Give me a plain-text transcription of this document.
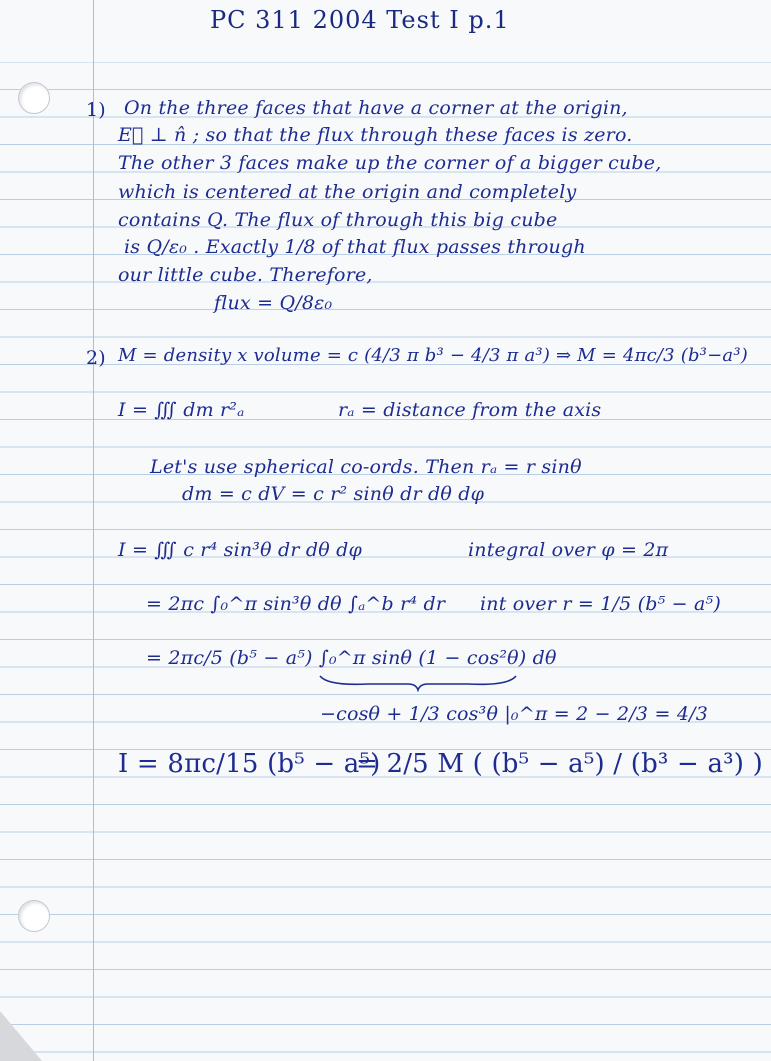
PC 311 2004 Test I p.1
1) On the three faces that have a corner at the origin,
E⃗ ⊥ n̂ ; so that the flux through these faces is zero.
The other 3 faces make up the corner of a bigger cube,
which is centered at the origin and completely
contains Q. The flux of through this big cube
is Q/ε₀ . Exactly 1/8 of that flux passes through
our little cube. Therefore,
flux = Q/8ε₀
2) M = density x volume = c (4/3 π b³ − 4/3 π a³) ⇒ M = 4πc/3 (b³−a³)
I = ∭ dm r²ₐ	rₐ = distance from the axis
Let's use spherical co-ords. Then rₐ = r sinθ
dm = c dV = c r² sinθ dr dθ dφ
I = ∭ c r⁴ sin³θ dr dθ dφ	integral over φ = 2π
= 2πc ∫₀^π sin³θ dθ ∫ₐ^b r⁴ dr int over r = 1/5 (b⁵ − a⁵)
= 2πc/5 (b⁵ − a⁵) ∫₀^π sinθ (1 − cos²θ) dθ
−cosθ + 1/3 cos³θ |₀^π = 2 − 2/3 = 4/3
I = 8πc/15 (b⁵ − a⁵)
= 2/5 M ( (b⁵ − a⁵) / (b³ − a³) )
